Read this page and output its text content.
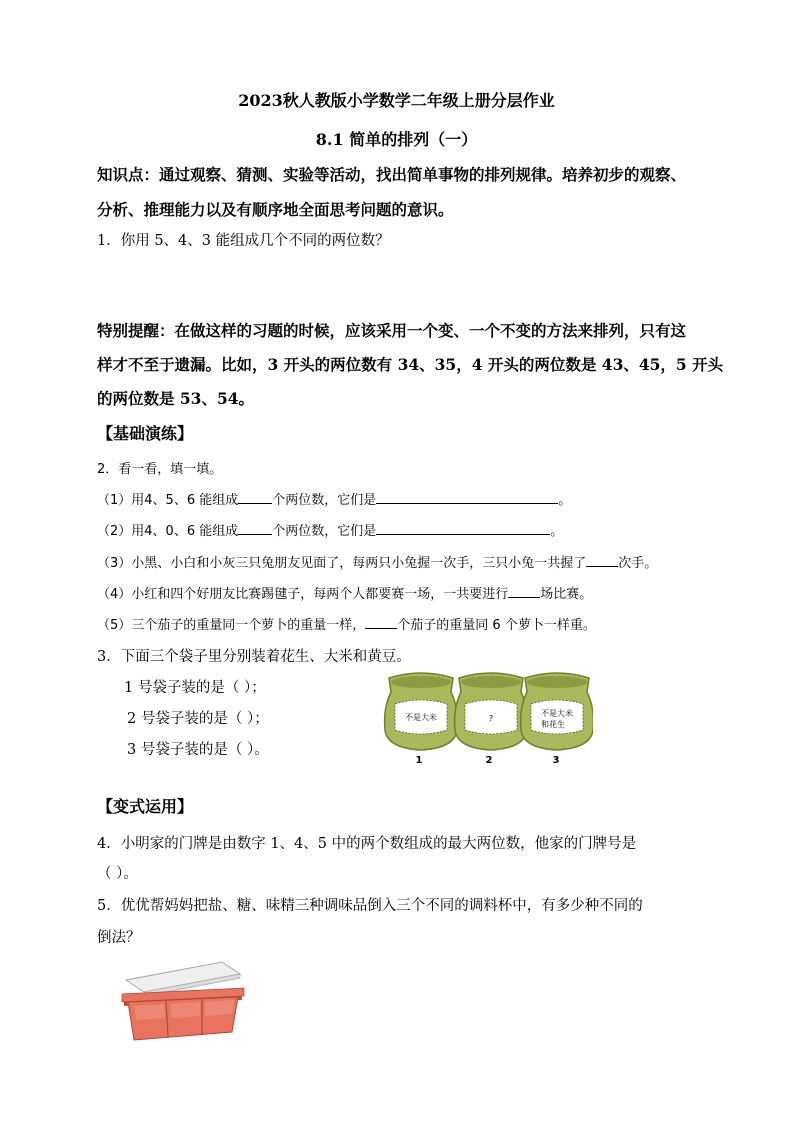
2023秋人教版小学数学二年级上册分层作业
8.1 简单的排列（一）
知识点：通过观察、猜测、实验等活动，找出简单事物的排列规律。培养初步的观察、
分析、推理能力以及有顺序地全面思考问题的意识。
1．你用 5、4、3 能组成几个不同的两位数？
特别提醒：在做这样的习题的时候，应该采用一个变、一个不变的方法来排列，只有这
样才不至于遗漏。比如，3 开头的两位数有 34、35，4 开头的两位数是 43、45，5 开头
的两位数是 53、54。
【基础演练】
2．看一看，填一填。
（1）用4、5、6 能组成	个两位数，它们是	。
（2）用4、0、6 能组成	个两位数，它们是	。
（3）小黑、小白和小灰三只兔朋友见面了，每两只小兔握一次手，三只小兔一共握了 次手。
（4）小红和四个好朋友比赛踢毽子，每两个人都要赛一场，一共要进行 场比赛。
（5）三个茄子的重量同一个萝卜的重量一样， 个茄子的重量同 6 个萝卜一样重。
3．下面三个袋子里分别装着花生、大米和黄豆。
1 号袋子装的是（ ）；
2 号袋子装的是（ ）；
3 号袋子装的是（ ）。
不是大米	?
不是大米
和花生
1	2	3
【变式运用】
4．小明家的门牌是由数字 1、4、5 中的两个数组成的最大两位数，他家的门牌号是
（ ）。
5．优优帮妈妈把盐、糖、味精三种调味品倒入三个不同的调料杯中，有多少种不同的
倒法？
